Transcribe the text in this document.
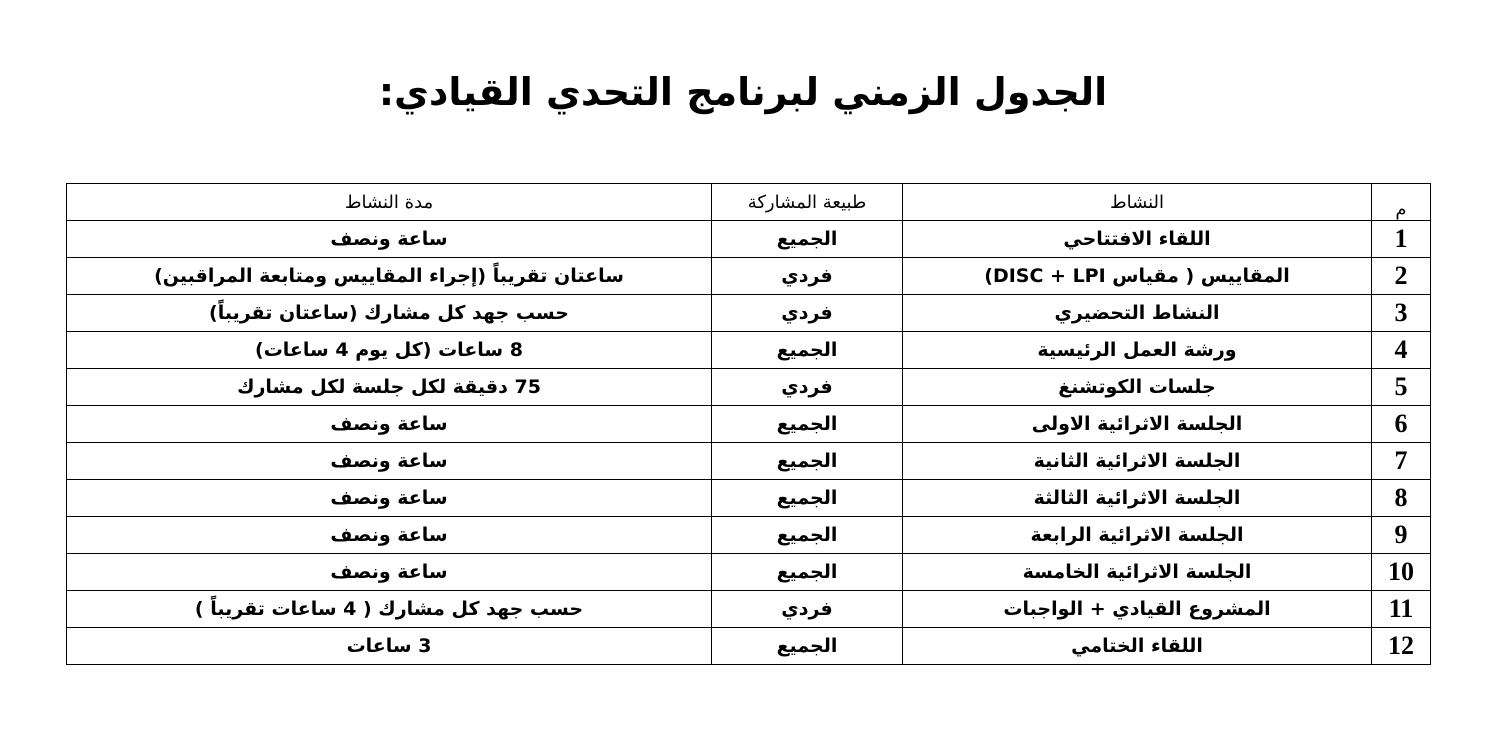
الجدول الزمني لبرنامج التحدي القيادي:
م	النشاط	طبيعة المشاركة	مدة النشاط
1	اللقاء الافتتاحي	الجميع	ساعة ونصف
2	المقاييس ( مقياس DISC + LPI)	فردي	ساعتان تقريباً (إجراء المقاييس ومتابعة المراقبين)
3	النشاط التحضيري	فردي	حسب جهد كل مشارك (ساعتان تقريباً)
4	ورشة العمل الرئيسية	الجميع	8 ساعات (كل يوم 4 ساعات)
5	جلسات الكوتشنغ	فردي	75 دقيقة لكل جلسة لكل مشارك
6	الجلسة الاثرائية الاولى	الجميع	ساعة ونصف
7	الجلسة الاثرائية الثانية	الجميع	ساعة ونصف
8	الجلسة الاثرائية الثالثة	الجميع	ساعة ونصف
9	الجلسة الاثرائية الرابعة	الجميع	ساعة ونصف
10	الجلسة الاثرائية الخامسة	الجميع	ساعة ونصف
11	المشروع القيادي + الواجبات	فردي	حسب جهد كل مشارك ( 4 ساعات تقريباً )
12	اللقاء الختامي	الجميع	3 ساعات
